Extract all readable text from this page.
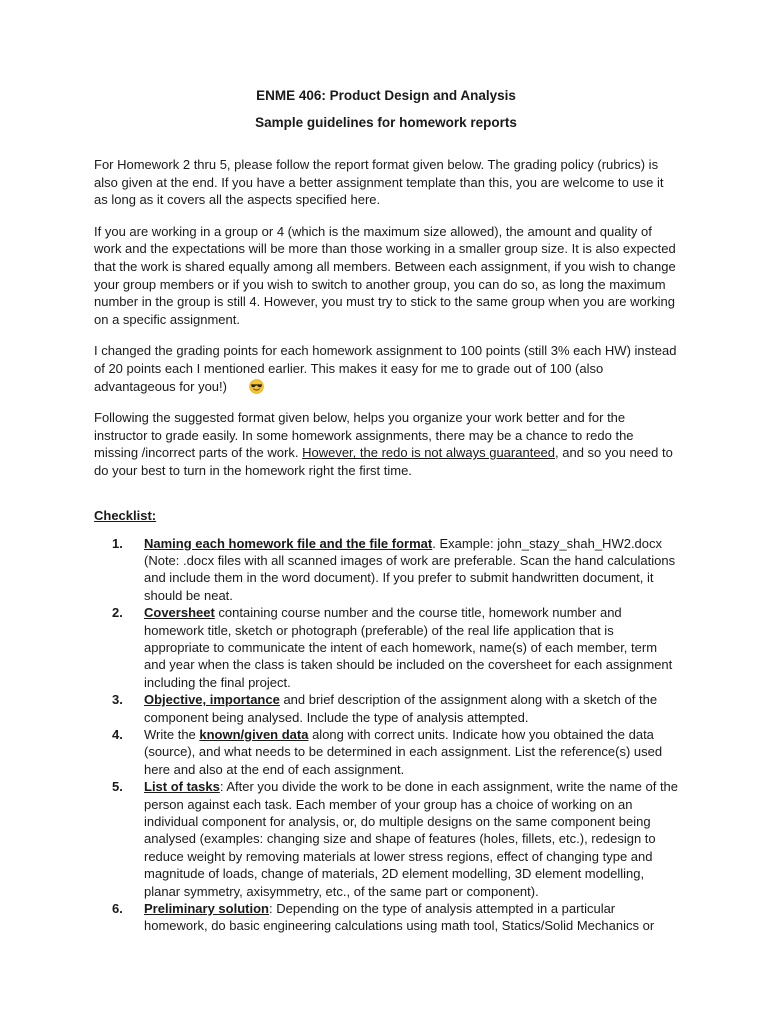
ENME 406: Product Design and Analysis

Sample guidelines for homework reports

For Homework 2 thru 5, please follow the report format given below. The grading policy (rubrics) is also given at the end. If you have a better assignment template than this, you are welcome to use it as long as it covers all the aspects specified here.

If you are working in a group or 4 (which is the maximum size allowed), the amount and quality of work and the expectations will be more than those working in a smaller group size. It is also expected that the work is shared equally among all members. Between each assignment, if you wish to change your group members or if you wish to switch to another group, you can do so, as long the maximum number in the group is still 4. However, you must try to stick to the same group when you are working on a specific assignment.

I changed the grading points for each homework assignment to 100 points (still 3% each HW) instead of 20 points each I mentioned earlier. This makes it easy for me to grade out of 100 (also advantageous for you!)

Following the suggested format given below, helps you organize your work better and for the instructor to grade easily. In some homework assignments, there may be a chance to redo the missing /incorrect parts of the work. However, the redo is not always guaranteed, and so you need to do your best to turn in the homework right the first time.

Checklist:
1. Naming each homework file and the file format. Example: john_stazy_shah_HW2.docx (Note: .docx files with all scanned images of work are preferable. Scan the hand calculations and include them in the word document). If you prefer to submit handwritten document, it should be neat.
2. Coversheet containing course number and the course title, homework number and homework title, sketch or photograph (preferable) of the real life application that is appropriate to communicate the intent of each homework, name(s) of each member, term and year when the class is taken should be included on the coversheet for each assignment including the final project.
3. Objective, importance and brief description of the assignment along with a sketch of the component being analysed. Include the type of analysis attempted.
4. Write the known/given data along with correct units. Indicate how you obtained the data (source), and what needs to be determined in each assignment. List the reference(s) used here and also at the end of each assignment.
5. List of tasks: After you divide the work to be done in each assignment, write the name of the person against each task. Each member of your group has a choice of working on an individual component for analysis, or, do multiple designs on the same component being analysed (examples: changing size and shape of features (holes, fillets, etc.), redesign to reduce weight by removing materials at lower stress regions, effect of changing type and magnitude of loads, change of materials, 2D element modelling, 3D element modelling, planar symmetry, axisymmetry, etc., of the same part or component).
6. Preliminary solution: Depending on the type of analysis attempted in a particular homework, do basic engineering calculations using math tool, Statics/Solid Mechanics or
